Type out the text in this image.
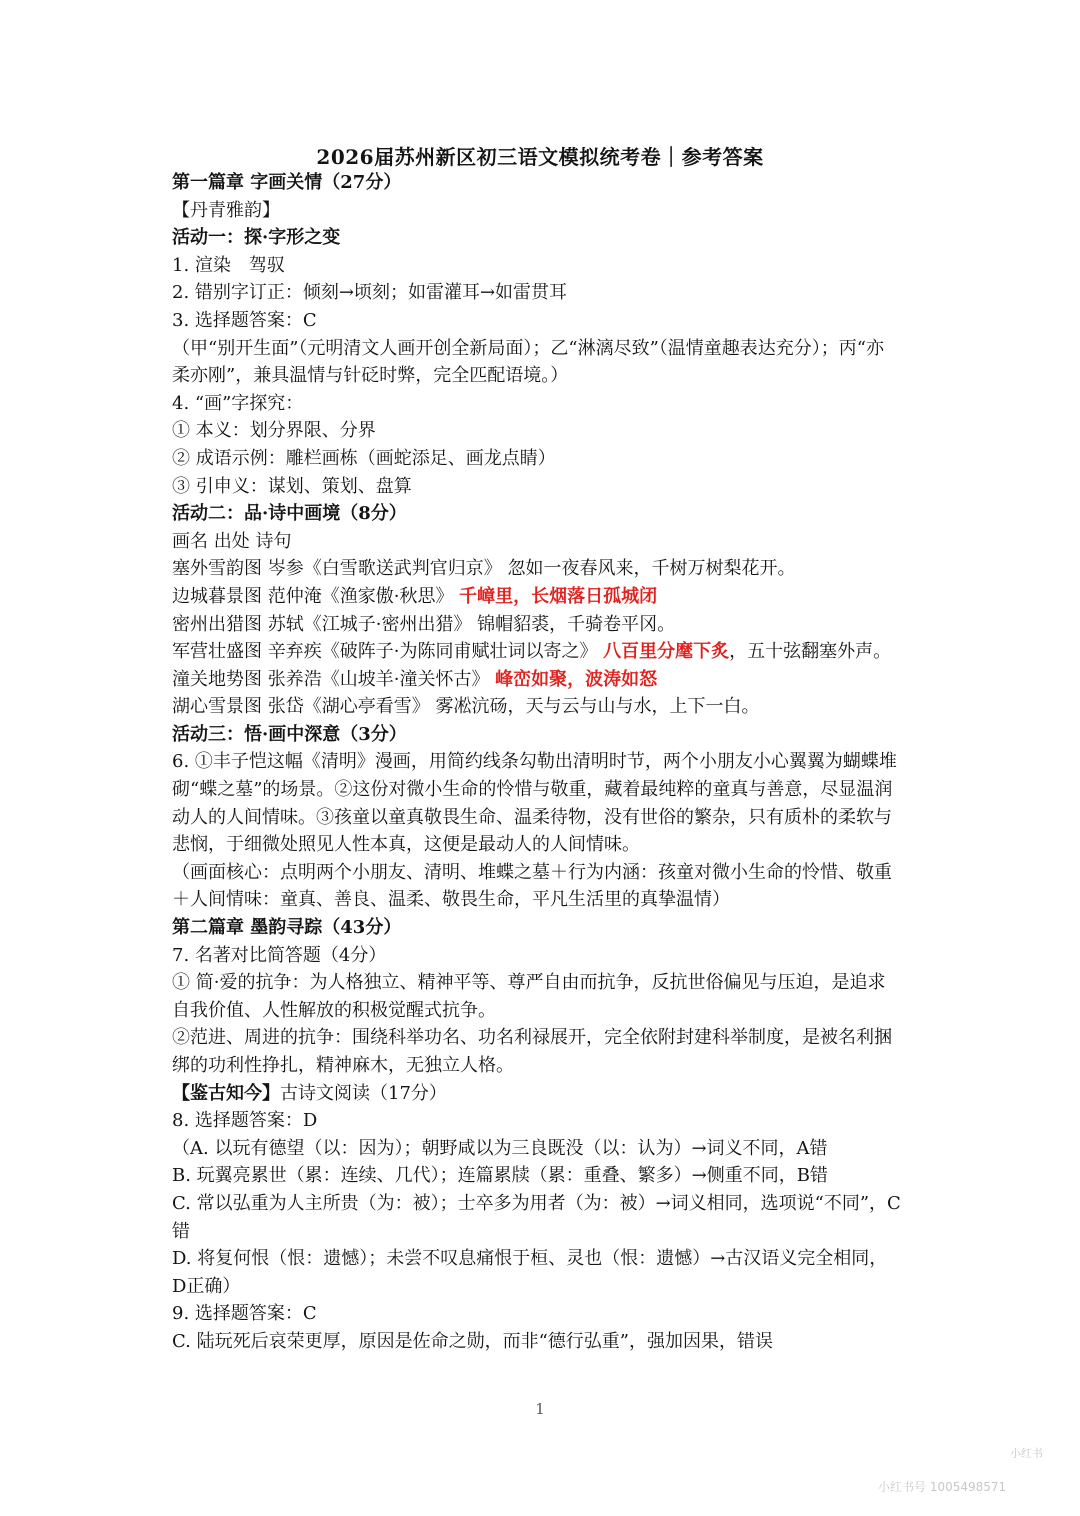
2026届苏州新区初三语文模拟统考卷｜参考答案
第一篇章 字画关情（27分）
【丹青雅韵】
活动一：探·字形之变
1. 渲染　驾驭
2. 错别字订正：倾刻→顷刻；如雷灌耳→如雷贯耳
3. 选择题答案：C
（甲“别开生面”（元明清文人画开创全新局面）；乙“淋漓尽致”（温情童趣表达充分）；丙“亦
柔亦刚”，兼具温情与针砭时弊，完全匹配语境。）
4. “画”字探究：
① 本义：划分界限、分界
② 成语示例：雕栏画栋（画蛇添足、画龙点睛）
③ 引申义：谋划、策划、盘算
活动二：品·诗中画境（8分）
画名 出处 诗句
塞外雪韵图 岑参《白雪歌送武判官归京》 忽如一夜春风来，千树万树梨花开。
边城暮景图 范仲淹《渔家傲·秋思》 千嶂里，长烟落日孤城闭
密州出猎图 苏轼《江城子·密州出猎》 锦帽貂裘，千骑卷平冈。
军营壮盛图 辛弃疾《破阵子·为陈同甫赋壮词以寄之》 八百里分麾下炙，五十弦翻塞外声。
潼关地势图 张养浩《山坡羊·潼关怀古》 峰峦如聚，波涛如怒
湖心雪景图 张岱《湖心亭看雪》 雾凇沆砀，天与云与山与水，上下一白。
活动三：悟·画中深意（3分）
6. ①丰子恺这幅《清明》漫画，用简约线条勾勒出清明时节，两个小朋友小心翼翼为蝴蝶堆
砌“蝶之墓”的场景。②这份对微小生命的怜惜与敬重，藏着最纯粹的童真与善意，尽显温润
动人的人间情味。③孩童以童真敬畏生命、温柔待物，没有世俗的繁杂，只有质朴的柔软与
悲悯，于细微处照见人性本真，这便是最动人的人间情味。
（画面核心：点明两个小朋友、清明、堆蝶之墓＋行为内涵：孩童对微小生命的怜惜、敬重
＋人间情味：童真、善良、温柔、敬畏生命，平凡生活里的真挚温情）
第二篇章 墨韵寻踪（43分）
7. 名著对比简答题（4分）
① 简·爱的抗争：为人格独立、精神平等、尊严自由而抗争，反抗世俗偏见与压迫，是追求
自我价值、人性解放的积极觉醒式抗争。
②范进、周进的抗争：围绕科举功名、功名利禄展开，完全依附封建科举制度，是被名利捆
绑的功利性挣扎，精神麻木，无独立人格。
【鉴古知今】古诗文阅读（17分）
8. 选择题答案：D
（A. 以玩有德望（以：因为）；朝野咸以为三良既没（以：认为）→词义不同，A错
B. 玩翼亮累世（累：连续、几代）；连篇累牍（累：重叠、繁多）→侧重不同，B错
C. 常以弘重为人主所贵（为：被）；士卒多为用者（为：被）→词义相同，选项说“不同”，C
错
D. 将复何恨（恨：遗憾）；未尝不叹息痛恨于桓、灵也（恨：遗憾）→古汉语义完全相同，
D正确）
9. 选择题答案：C
C. 陆玩死后哀荣更厚，原因是佐命之勋，而非“德行弘重”，强加因果，错误
1
小红书
小红书号 1005498571
